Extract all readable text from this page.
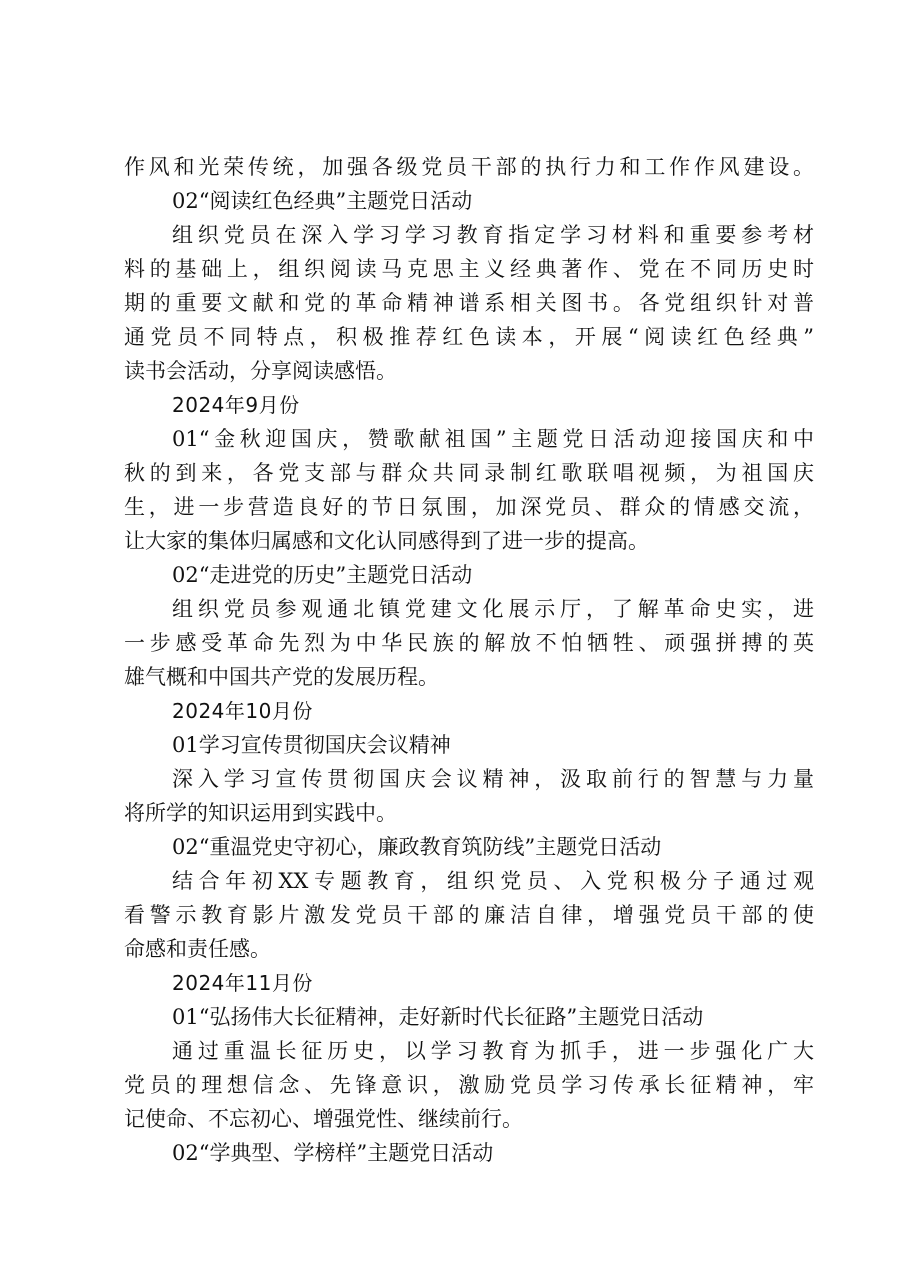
作风和光荣传统，加强各级党员干部的执行力和工作作风建设。
02“阅读红色经典”主题党日活动
组织党员在深入学习学习教育指定学习材料和重要参考材
料的基础上，组织阅读马克思主义经典著作、党在不同历史时
期的重要文献和党的革命精神谱系相关图书。各党组织针对普
通党员不同特点，积极推荐红色读本，开展“阅读红色经典”
读书会活动，分享阅读感悟。
2024年9月份
01“金秋迎国庆，赞歌献祖国”主题党日活动迎接国庆和中
秋的到来，各党支部与群众共同录制红歌联唱视频，为祖国庆
生，进一步营造良好的节日氛围，加深党员、群众的情感交流，
让大家的集体归属感和文化认同感得到了进一步的提高。
02“走进党的历史”主题党日活动
组织党员参观通北镇党建文化展示厅，了解革命史实，进
一步感受革命先烈为中华民族的解放不怕牺牲、顽强拼搏的英
雄气概和中国共产党的发展历程。
2024年10月份
01学习宣传贯彻国庆会议精神
深入学习宣传贯彻国庆会议精神，汲取前行的智慧与力量
将所学的知识运用到实践中。
02“重温党史守初心，廉政教育筑防线”主题党日活动
结合年初XX专题教育，组织党员、入党积极分子通过观
看警示教育影片激发党员干部的廉洁自律，增强党员干部的使
命感和责任感。
2024年11月份
01“弘扬伟大长征精神，走好新时代长征路”主题党日活动
通过重温长征历史，以学习教育为抓手，进一步强化广大
党员的理想信念、先锋意识，激励党员学习传承长征精神，牢
记使命、不忘初心、增强党性、继续前行。
02“学典型、学榜样”主题党日活动
